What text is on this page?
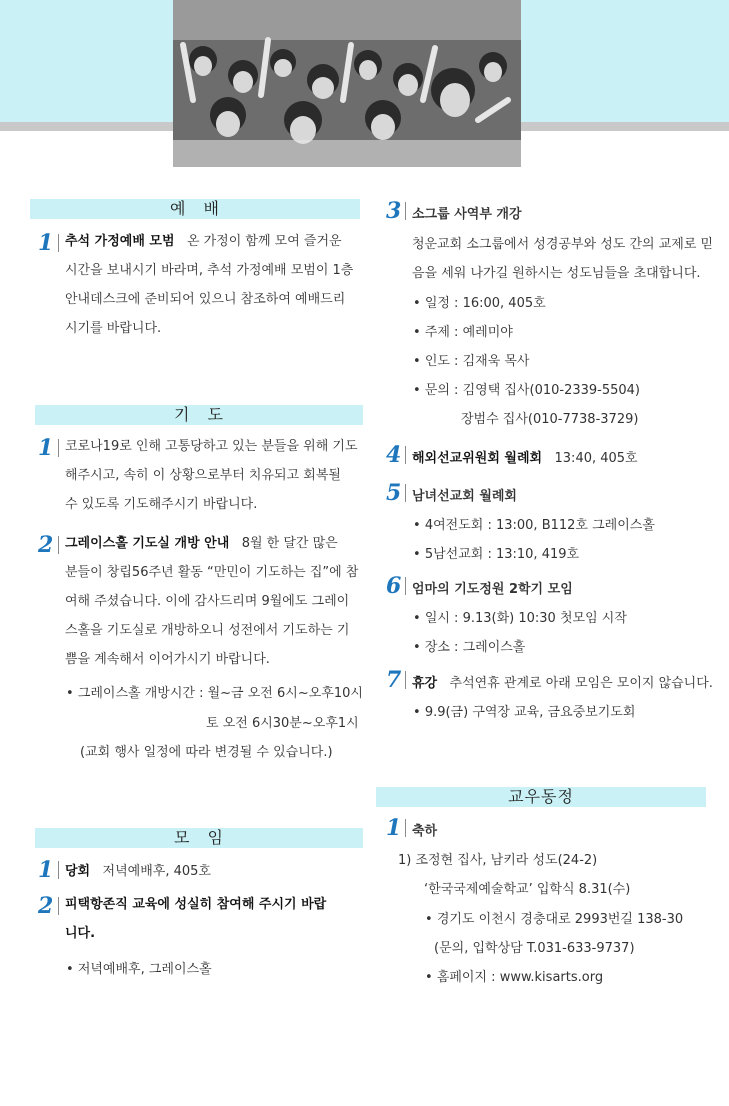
예　배
1 추석 가정예배 모범 온 가정이 함께 모여 즐거운
시간을 보내시기 바라며, 추석 가정예배 모범이 1층
안내데스크에 준비되어 있으니 참조하여 예배드리
시기를 바랍니다.
기　도
1 코로나19로 인해 고통당하고 있는 분들을 위해 기도
해주시고, 속히 이 상황으로부터 치유되고 회복될
수 있도록 기도해주시기 바랍니다.
2 그레이스홀 기도실 개방 안내 8월 한 달간 많은
분들이 창립56주년 활동 “만민이 기도하는 집”에 참
여해 주셨습니다. 이에 감사드리며 9월에도 그레이
스홀을 기도실로 개방하오니 성전에서 기도하는 기
쁨을 계속해서 이어가시기 바랍니다.
• 그레이스홀 개방시간 : 월~금 오전 6시~오후10시
토 오전 6시30분~오후1시
(교회 행사 일정에 따라 변경될 수 있습니다.)
모　임
1 당회 저녁예배후, 405호
2 피택항존직 교육에 성실히 참여해 주시기 바랍
니다.
• 저녁예배후, 그레이스홀
3 소그룹 사역부 개강
청운교회 소그룹에서 성경공부와 성도 간의 교제로 믿
음을 세워 나가길 원하시는 성도님들을 초대합니다.
• 일정 : 16:00, 405호
• 주제 : 예레미야
• 인도 : 김재욱 목사
• 문의 : 김영택 집사(010-2339-5504)
장범수 집사(010-7738-3729)
4 해외선교위원회 월례회 13:40, 405호
5 남녀선교회 월례회
• 4여전도회 : 13:00, B112호 그레이스홀
• 5남선교회 : 13:10, 419호
6 엄마의 기도정원 2학기 모임
• 일시 : 9.13(화) 10:30 첫모임 시작
• 장소 : 그레이스홀
7 휴강 추석연휴 관계로 아래 모임은 모이지 않습니다.
• 9.9(금) 구역장 교육, 금요중보기도회
교우동정
1 축하
1) 조정현 집사, 남키라 성도(24-2)
‘한국국제예술학교’ 입학식 8.31(수)
• 경기도 이천시 경충대로 2993번길 138-30
(문의, 입학상담 T.031-633-9737)
• 홈페이지 : www.kisarts.org
